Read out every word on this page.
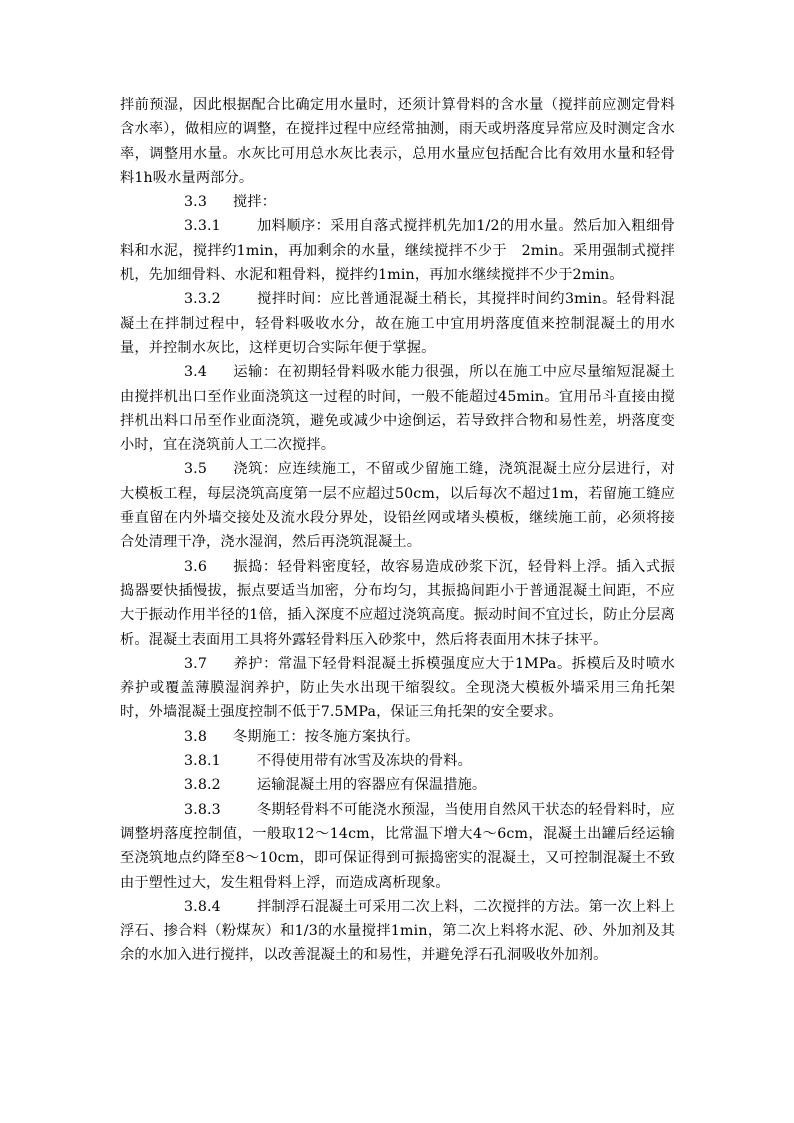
拌前预湿，因此根据配合比确定用水量时，还须计算骨料的含水量（搅拌前应测定骨料含水率），做相应的调整，在搅拌过程中应经常抽测，雨天或坍落度异常应及时测定含水率，调整用水量。水灰比可用总水灰比表示，总用水量应包括配合比有效用水量和轻骨料1h吸水量两部分。

3.3 搅拌：

3.3.1	加料顺序：采用自落式搅拌机先加1/2的用水量。然后加入粗细骨料和水泥，搅拌约1min，再加剩余的水量，继续搅拌不少于　2min。采用强制式搅拌机，先加细骨料、水泥和粗骨料，搅拌约1min，再加水继续搅拌不少于2min。

3.3.2	搅拌时间：应比普通混凝土稍长，其搅拌时间约3min。轻骨料混凝土在拌制过程中，轻骨料吸收水分，故在施工中宜用坍落度值来控制混凝土的用水量，并控制水灰比，这样更切合实际年便于掌握。

3.4 运输：在初期轻骨料吸水能力很强，所以在施工中应尽量缩短混凝土由搅拌机出口至作业面浇筑这一过程的时间，一般不能超过45min。宜用吊斗直接由搅拌机出料口吊至作业面浇筑，避免或减少中途倒运，若导致拌合物和易性差，坍落度变小时，宜在浇筑前人工二次搅拌。

3.5 浇筑：应连续施工，不留或少留施工缝，浇筑混凝土应分层进行，对大模板工程，每层浇筑高度第一层不应超过50cm，以后每次不超过1m，若留施工缝应垂直留在内外墙交接处及流水段分界处，设铅丝网或堵头模板，继续施工前，必须将接合处清理干净，浇水湿润，然后再浇筑混凝土。

3.6 振捣：轻骨料密度轻，故容易造成砂浆下沉，轻骨料上浮。插入式振捣器要快插慢拔，振点要适当加密，分布均匀，其振捣间距小于普通混凝土间距，不应大于振动作用半径的1倍，插入深度不应超过浇筑高度。振动时间不宜过长，防止分层离析。混凝土表面用工具将外露轻骨料压入砂浆中，然后将表面用木抹子抹平。

3.7 养护：常温下轻骨料混凝土拆模强度应大于1MPa。拆模后及时喷水养护或覆盖薄膜湿润养护，防止失水出现干缩裂纹。全现浇大模板外墙采用三角托架时，外墙混凝土强度控制不低于7.5MPa，保证三角托架的安全要求。

3.8 冬期施工：按冬施方案执行。

3.8.1	不得使用带有冰雪及冻块的骨料。

3.8.2	运输混凝土用的容器应有保温措施。

3.8.3	冬期轻骨料不可能浇水预湿，当使用自然风干状态的轻骨料时，应调整坍落度控制值，一般取12～14cm，比常温下增大4～6cm，混凝土出罐后经运输至浇筑地点约降至8～10cm，即可保证得到可振捣密实的混凝土，又可控制混凝土不致由于塑性过大，发生粗骨料上浮，而造成离析现象。

3.8.4	拌制浮石混凝土可采用二次上料，二次搅拌的方法。第一次上料上浮石、掺合料（粉煤灰）和1/3的水量搅拌1min，第二次上料将水泥、砂、外加剂及其余的水加入进行搅拌，以改善混凝土的和易性，并避免浮石孔洞吸收外加剂。
